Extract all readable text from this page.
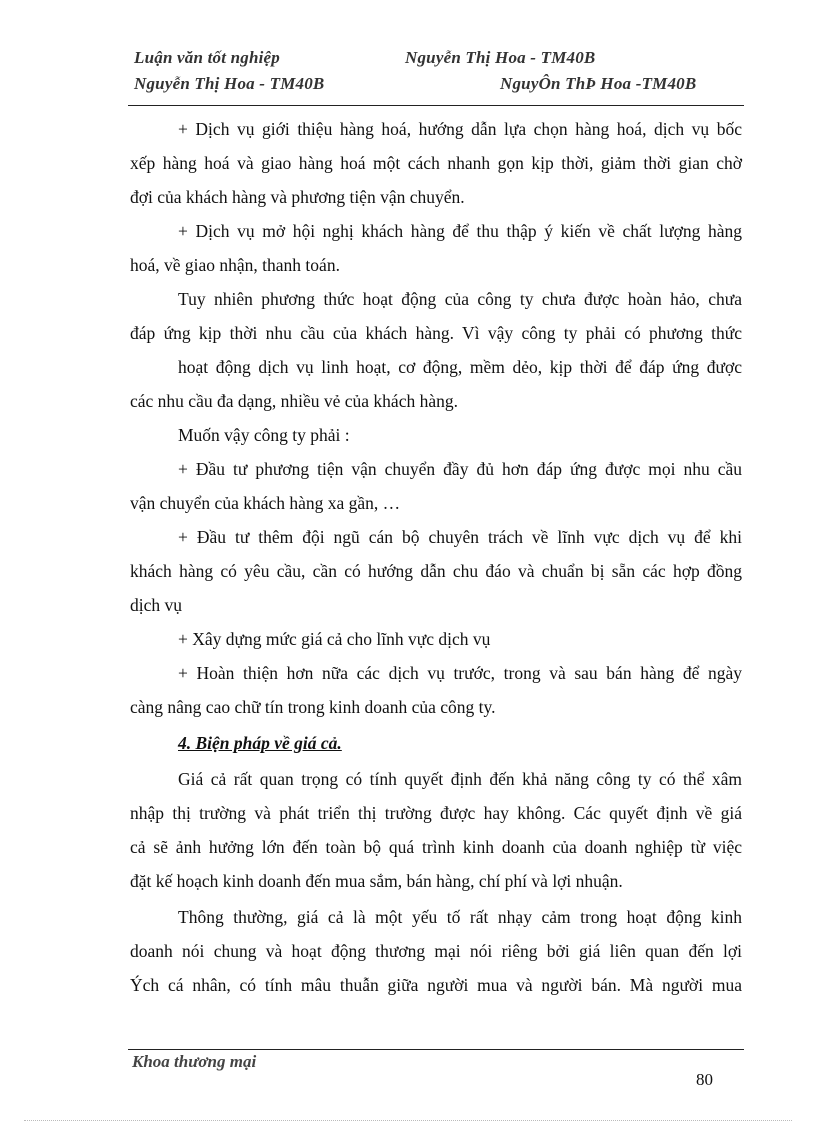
Luận văn tốt nghiệp	Nguyễn Thị Hoa - TM40B
Nguyễn Thị Hoa - TM40B	NguyÔn ThÞ Hoa -TM40B
+ Dịch vụ giới thiệu hàng hoá, hướng dẫn lựa chọn hàng hoá, dịch vụ bốc
xếp hàng hoá và giao hàng hoá một cách nhanh gọn kịp thời, giảm thời gian chờ
đợi của khách hàng và phương tiện vận chuyển.
+ Dịch vụ mở hội nghị khách hàng để thu thập ý kiến về chất lượng hàng
hoá, về giao nhận, thanh toán.
Tuy nhiên phương thức hoạt động của công ty chưa được hoàn hảo, chưa
đáp ứng kịp thời nhu cầu của khách hàng. Vì vậy công ty phải có phương thức
hoạt động dịch vụ linh hoạt, cơ động, mềm dẻo, kịp thời để đáp ứng được
các nhu cầu đa dạng, nhiều vẻ của khách hàng.
Muốn vậy công ty phải :
+ Đầu tư phương tiện vận chuyển đầy đủ hơn đáp ứng được mọi nhu cầu
vận chuyển của khách hàng xa gần, …
+ Đầu tư thêm đội ngũ cán bộ chuyên trách về lĩnh vực dịch vụ để khi
khách hàng có yêu cầu, cần có hướng dẫn chu đáo và chuẩn bị sẵn các hợp đồng
dịch vụ
+ Xây dựng mức giá cả cho lĩnh vực dịch vụ
+ Hoàn thiện hơn nữa các dịch vụ trước, trong và sau bán hàng để ngày
càng nâng cao chữ tín trong kinh doanh của công ty.
4. Biện pháp về giá cả.
Giá cả rất quan trọng có tính quyết định đến khả năng công ty có thể xâm
nhập thị trường và phát triển thị trường được hay không. Các quyết định về giá
cả sẽ ảnh hưởng lớn đến toàn bộ quá trình kinh doanh của doanh nghiệp từ việc
đặt kế hoạch kinh doanh đến mua sắm, bán hàng, chí phí và lợi nhuận.
Thông thường, giá cả là một yếu tố rất nhạy cảm trong hoạt động kinh
doanh nói chung và hoạt động thương mại nói riêng bởi giá liên quan đến lợi
Ých cá nhân, có tính mâu thuẫn giữa người mua và người bán. Mà người mua
Khoa thương mại
80
